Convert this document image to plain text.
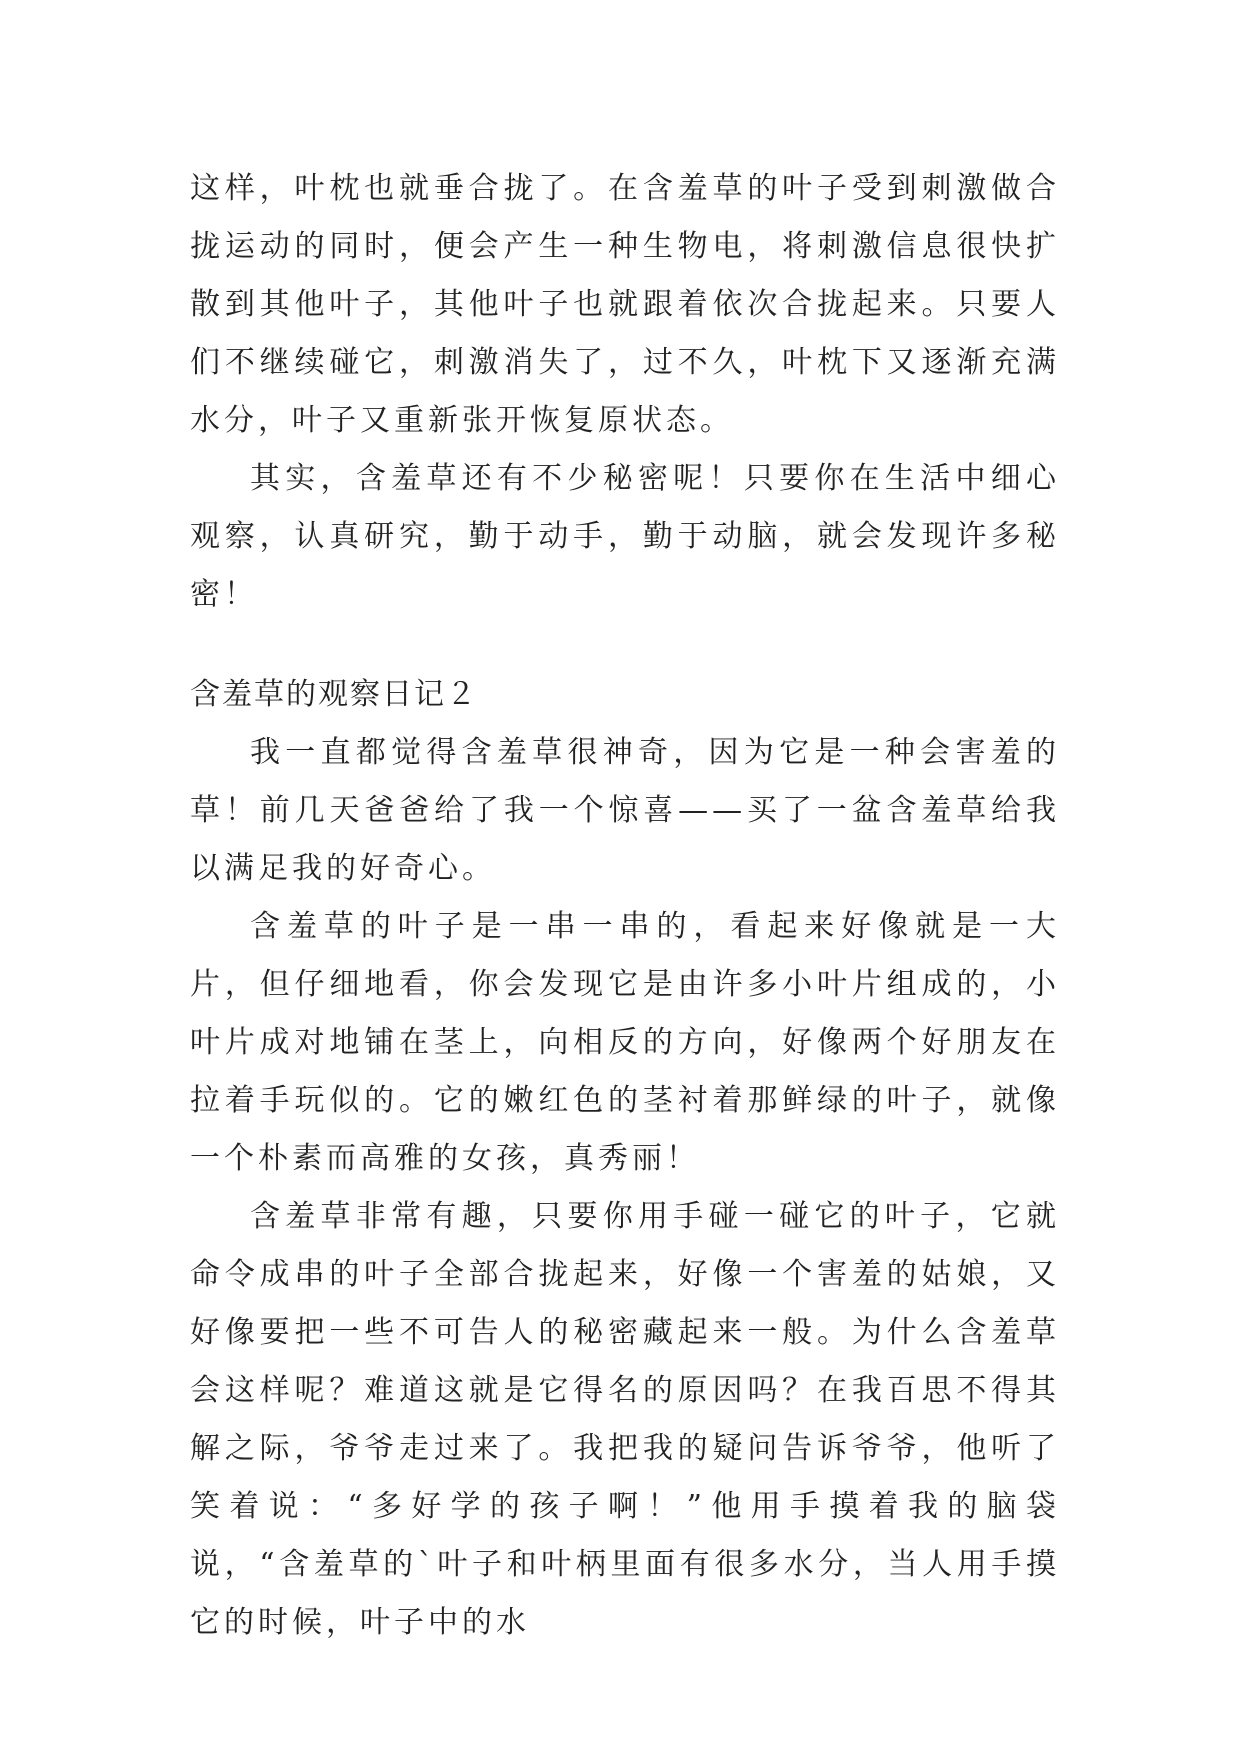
这样，叶枕也就垂合拢了。在含羞草的叶子受到刺激做合拢运动的同时，便会产生一种生物电，将刺激信息很快扩散到其他叶子，其他叶子也就跟着依次合拢起来。只要人们不继续碰它，刺激消失了，过不久，叶枕下又逐渐充满水分，叶子又重新张开恢复原状态。

其实，含羞草还有不少秘密呢！只要你在生活中细心观察，认真研究，勤于动手，勤于动脑，就会发现许多秘密！

含羞草的观察日记２

我一直都觉得含羞草很神奇，因为它是一种会害羞的草！前几天爸爸给了我一个惊喜——买了一盆含羞草给我以满足我的好奇心。

含羞草的叶子是一串一串的，看起来好像就是一大片，但仔细地看，你会发现它是由许多小叶片组成的，小叶片成对地铺在茎上，向相反的方向，好像两个好朋友在拉着手玩似的。它的嫩红色的茎衬着那鲜绿的叶子，就像一个朴素而高雅的女孩，真秀丽！

含羞草非常有趣，只要你用手碰一碰它的叶子，它就命令成串的叶子全部合拢起来，好像一个害羞的姑娘，又好像要把一些不可告人的秘密藏起来一般。为什么含羞草会这样呢？难道这就是它得名的原因吗？在我百思不得其解之际，爷爷走过来了。我把我的疑问告诉爷爷，他听了笑着说：“多好学的孩子啊！”他用手摸着我的脑袋说，“含羞草的`叶子和叶柄里面有很多水分，当人用手摸它的时候，叶子中的水
